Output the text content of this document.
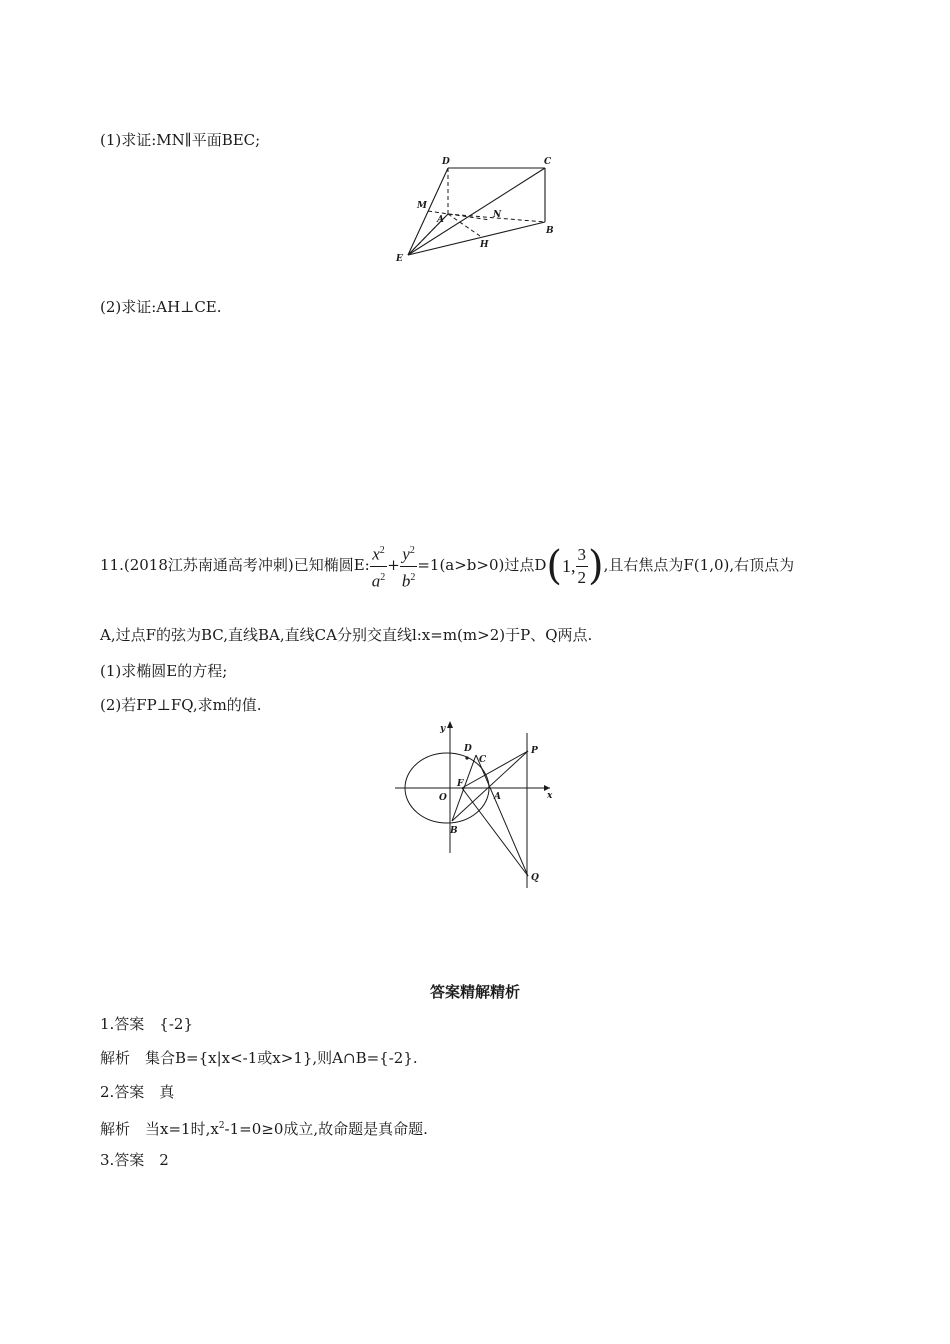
(1)求证:MN∥平面BEC;
D	C
M
A	N
B
H
E
(2)求证:AH⊥CE.
11.(2018江苏南通高考冲刺)已知椭圆E: $\frac{x^2}{a^2} + \frac{y^2}{b^2} =1(a>b>0)$过点D(1, $\frac{3}{2}$ ),且右焦点为F(1,0),右顶点为
A,过点F的弦为BC,直线BA,直线CA分别交直线l:x=m(m>2)于P、Q两点.
(1)求椭圆E的方程;
(2)若FP⊥FQ,求m的值.
y
D
C
P
F
O	A	x
B
Q
答案精解精析
1.答案　{-2}
解析　集合B={x|x<-1或x>1},则A∩B={-2}.
2.答案　真
解析　当x=1时$,x^2-1=0\ge 0$成立,故命题是真命题.
3.答案　2
